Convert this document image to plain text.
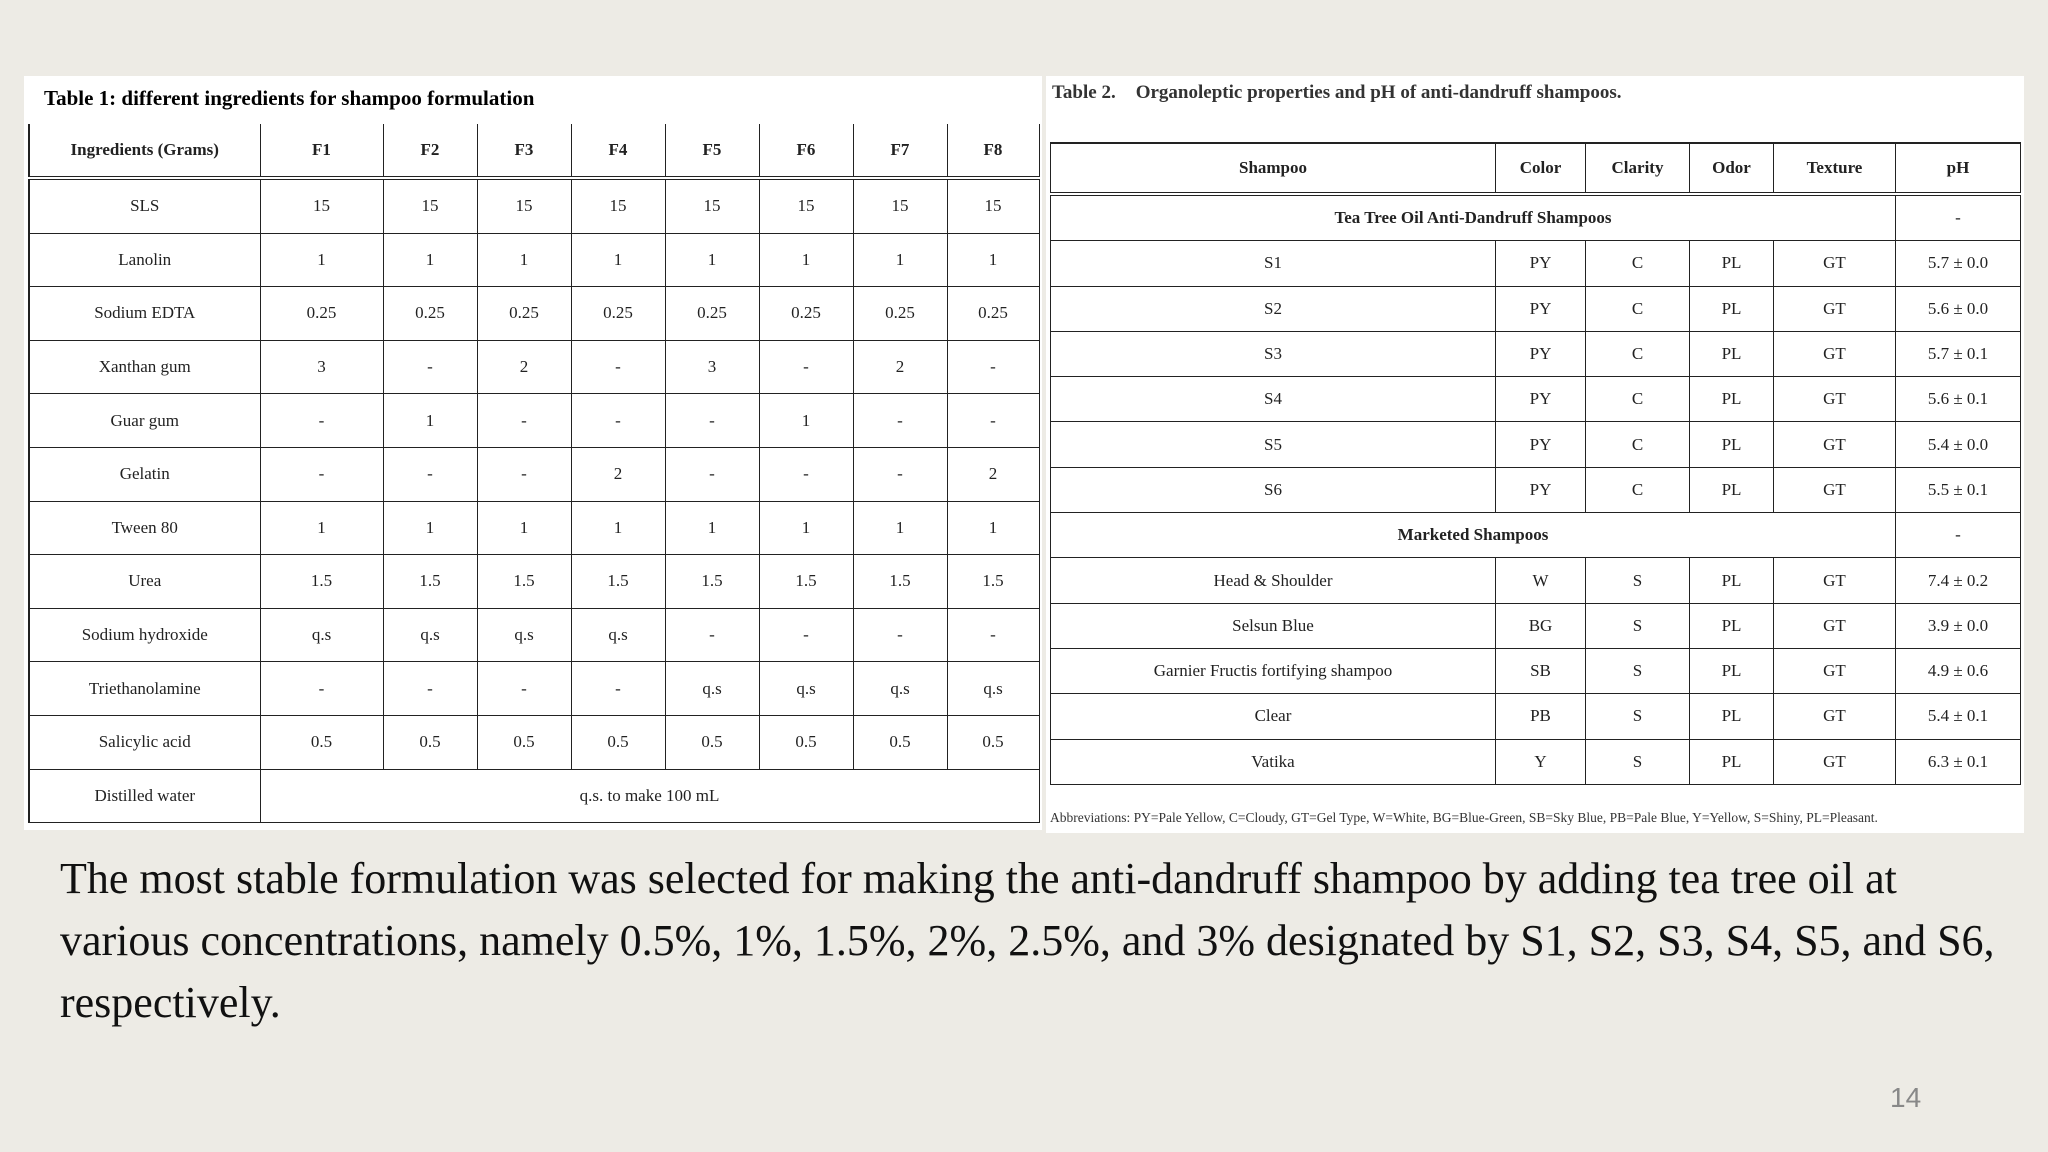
Table 1: different ingredients for shampoo formulation
Ingredients (Grams)	F1	F2	F3	F4	F5	F6	F7	F8
SLS	15	15	15	15	15	15	15	15
Lanolin	1	1	1	1	1	1	1	1
Sodium EDTA	0.25	0.25	0.25	0.25	0.25	0.25	0.25	0.25
Xanthan gum	3	-	2	-	3	-	2	-
Guar gum	-	1	-	-	-	1	-	-
Gelatin	-	-	-	2	-	-	-	2
Tween 80	1	1	1	1	1	1	1	1
Urea	1.5	1.5	1.5	1.5	1.5	1.5	1.5	1.5
Sodium hydroxide	q.s	q.s	q.s	q.s	-	-	-	-
Triethanolamine	-	-	-	-	q.s	q.s	q.s	q.s
Salicylic acid	0.5	0.5	0.5	0.5	0.5	0.5	0.5	0.5
Distilled water	q.s. to make 100 mL							
Table 2. Organoleptic properties and pH of anti-dandruff shampoos.
Shampoo	Color	Clarity	Odor	Texture	pH
Tea Tree Oil Anti-Dandruff Shampoos					-
S1	PY	C	PL	GT	5.7 ± 0.0
S2	PY	C	PL	GT	5.6 ± 0.0
S3	PY	C	PL	GT	5.7 ± 0.1
S4	PY	C	PL	GT	5.6 ± 0.1
S5	PY	C	PL	GT	5.4 ± 0.0
S6	PY	C	PL	GT	5.5 ± 0.1
Marketed Shampoos					-
Head & Shoulder	W	S	PL	GT	7.4 ± 0.2
Selsun Blue	BG	S	PL	GT	3.9 ± 0.0
Garnier Fructis fortifying shampoo	SB	S	PL	GT	4.9 ± 0.6
Clear	PB	S	PL	GT	5.4 ± 0.1
Vatika	Y	S	PL	GT	6.3 ± 0.1
Abbreviations: PY=Pale Yellow, C=Cloudy, GT=Gel Type, W=White, BG=Blue-Green, SB=Sky Blue, PB=Pale Blue, Y=Yellow, S=Shiny, PL=Pleasant.
The most stable formulation was selected for making the anti-dandruff shampoo by adding tea tree oil at various concentrations, namely 0.5%, 1%, 1.5%, 2%, 2.5%, and 3% designated by S1, S2, S3, S4, S5, and S6, respectively.
14
